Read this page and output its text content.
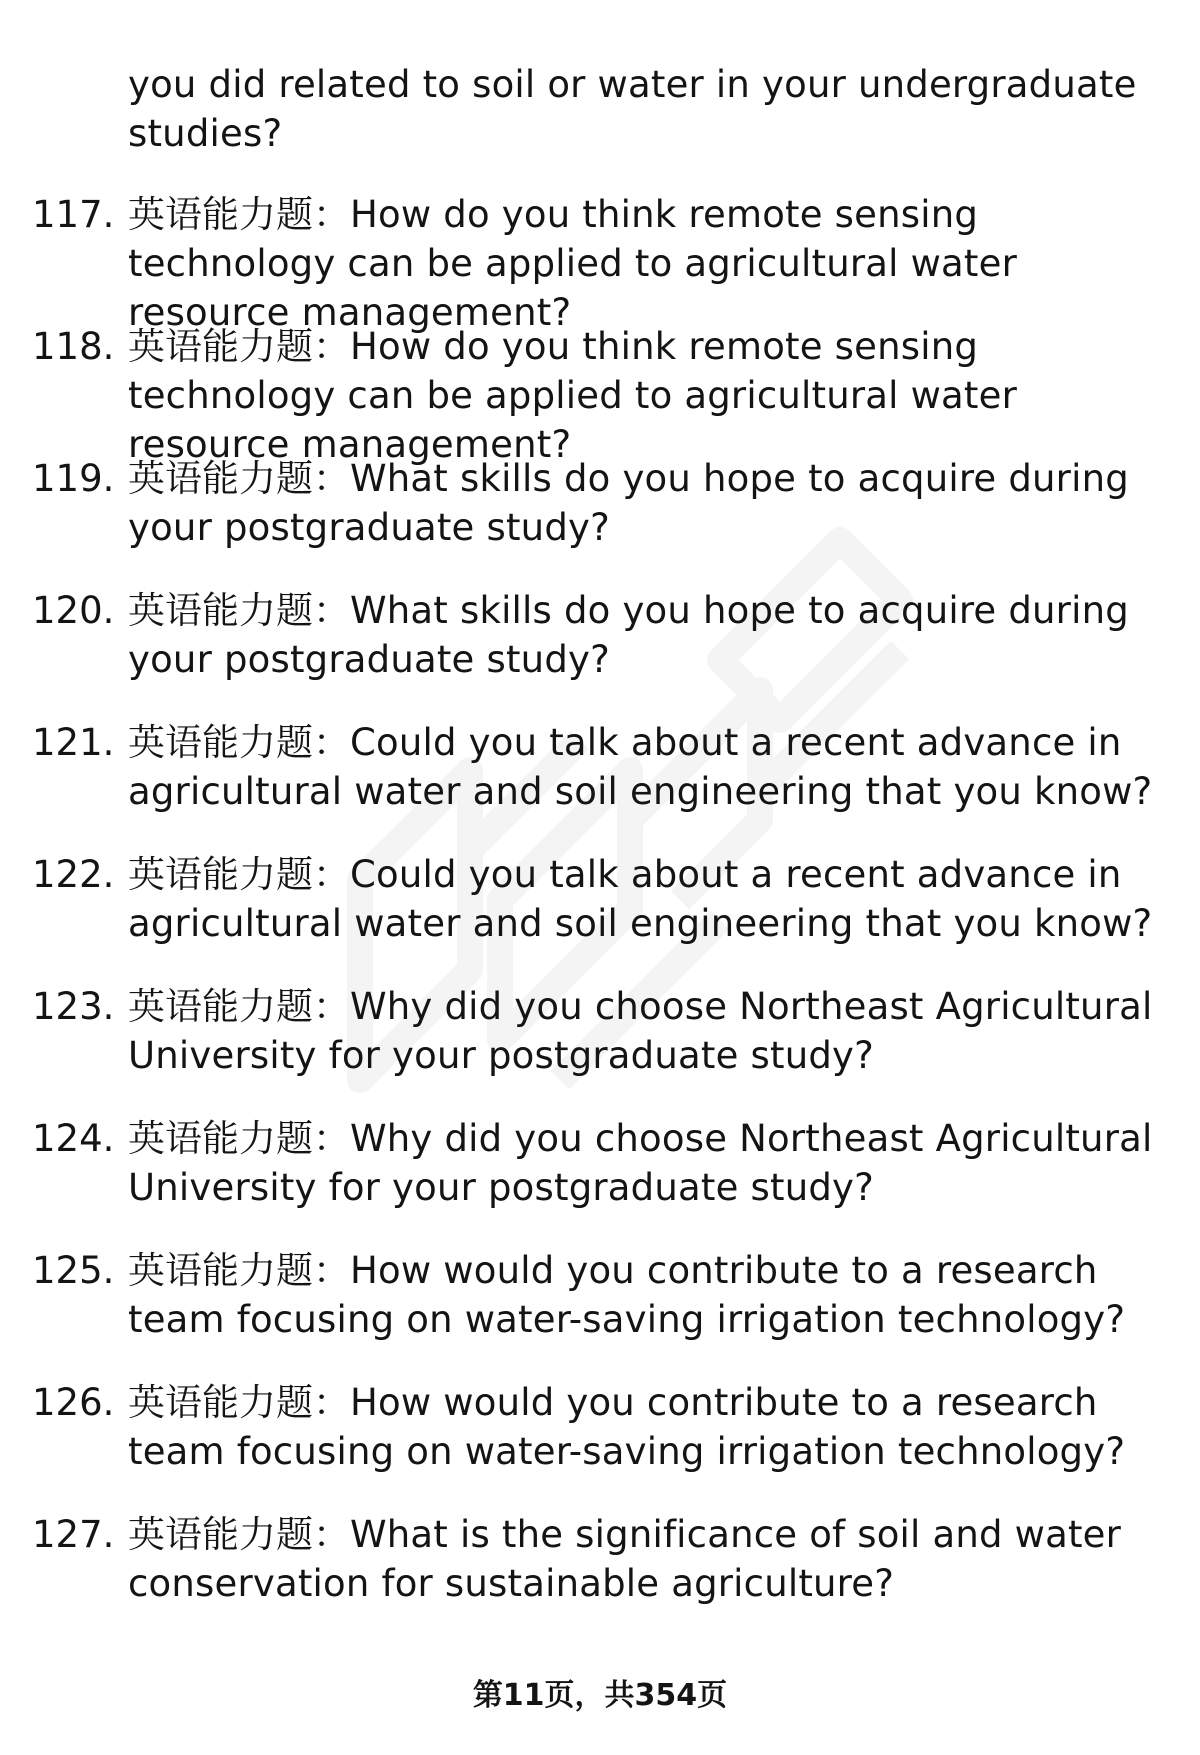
you did related to soil or water in your undergraduate studies?
117. 英语能力题：How do you think remote sensing technology can be applied to agricultural water resource management?
118. 英语能力题：How do you think remote sensing technology can be applied to agricultural water resource management?
119. 英语能力题：What skills do you hope to acquire during your postgraduate study?
120. 英语能力题：What skills do you hope to acquire during your postgraduate study?
121. 英语能力题：Could you talk about a recent advance in agricultural water and soil engineering that you know?
122. 英语能力题：Could you talk about a recent advance in agricultural water and soil engineering that you know?
123. 英语能力题：Why did you choose Northeast Agricultural University for your postgraduate study?
124. 英语能力题：Why did you choose Northeast Agricultural University for your postgraduate study?
125. 英语能力题：How would you contribute to a research team focusing on water-saving irrigation technology?
126. 英语能力题：How would you contribute to a research team focusing on water-saving irrigation technology?
127. 英语能力题：What is the significance of soil and water conservation for sustainable agriculture?
第11页，共354页
